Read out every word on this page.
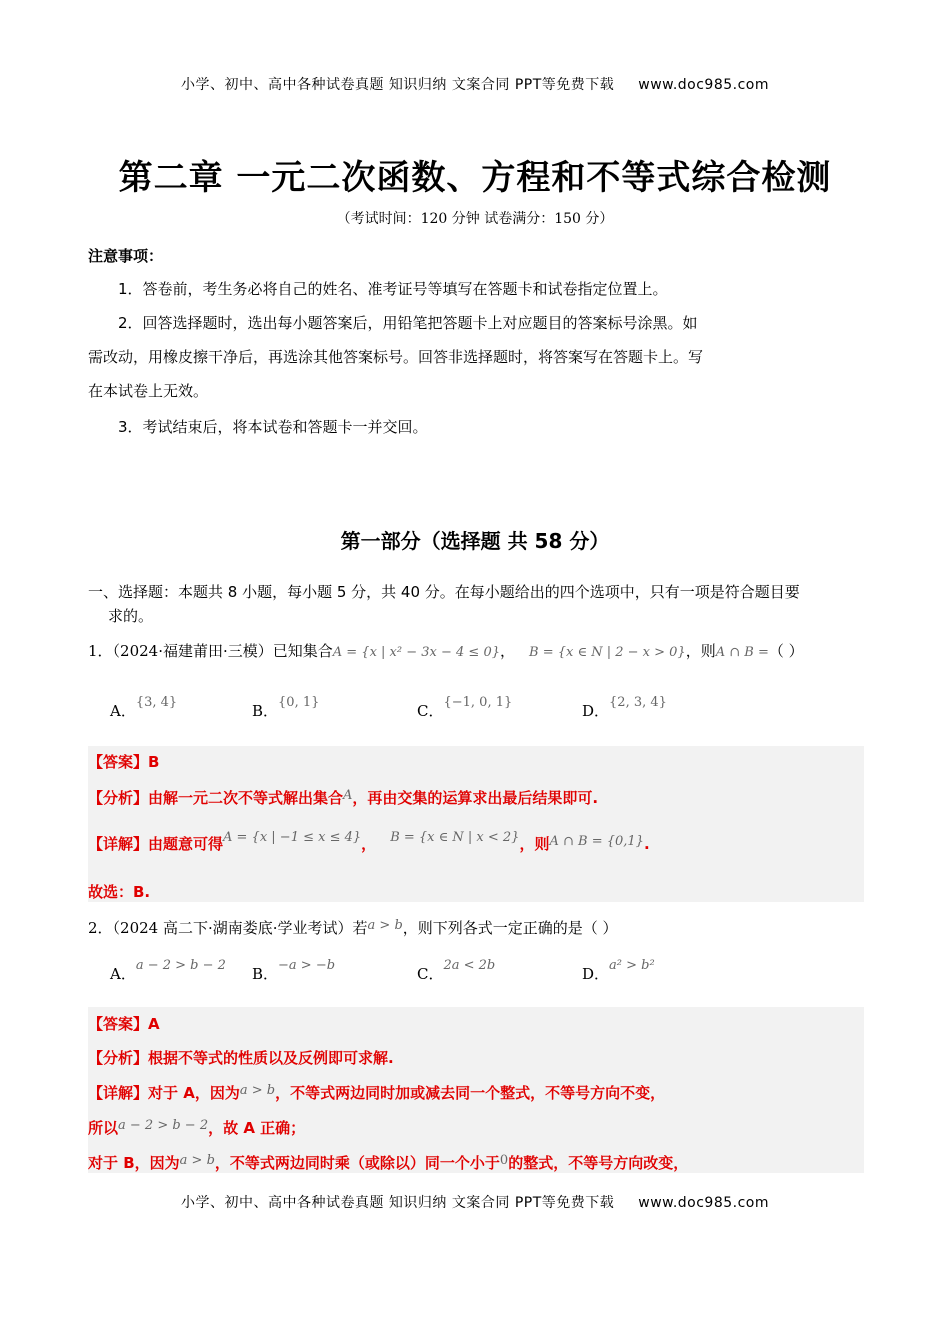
小学、初中、高中各种试卷真题 知识归纳 文案合同 PPT等免费下载 www.doc985.com
第二章 一元二次函数、方程和不等式综合检测
（考试时间：120 分钟 试卷满分：150 分）
注意事项：
1．答卷前，考生务必将自己的姓名、准考证号等填写在答题卡和试卷指定位置上。
2．回答选择题时，选出每小题答案后，用铅笔把答题卡上对应题目的答案标号涂黑。如
需改动，用橡皮擦干净后，再选涂其他答案标号。回答非选择题时，将答案写在答题卡上。写
在本试卷上无效。
3．考试结束后，将本试卷和答题卡一并交回。
第一部分（选择题 共 58 分）
一、选择题：本题共 8 小题，每小题 5 分，共 40 分。在每小题给出的四个选项中，只有一项是符合题目要
求的。
1．（2024·福建莆田·三模）已知集合A = {x | x² − 3x − 4 ≤ 0}， B = {x ∈ N | 2 − x > 0}，则A ∩ B =（ ）
A．{3, 4}	B．{0, 1}	C．{−1, 0, 1}	D．{2, 3, 4}
【答案】B
【分析】由解一元二次不等式解出集合A，再由交集的运算求出最后结果即可.
【详解】由题意可得A = {x | −1 ≤ x ≤ 4}， B = {x ∈ N | x < 2}，则A ∩ B = {0,1}.
故选：B.
2．（2024 高二下·湖南娄底·学业考试）若a > b，则下列各式一定正确的是（ ）
A．a − 2 > b − 2 B．−a > −b	C．2a < 2b	D．a² > b²
【答案】A
【分析】根据不等式的性质以及反例即可求解.
【详解】对于 A，因为a > b，不等式两边同时加或减去同一个整式，不等号方向不变，
所以a − 2 > b − 2，故 A 正确；
对于 B，因为a > b，不等式两边同时乘（或除以）同一个小于0的整式，不等号方向改变，
小学、初中、高中各种试卷真题 知识归纳 文案合同 PPT等免费下载 www.doc985.com
